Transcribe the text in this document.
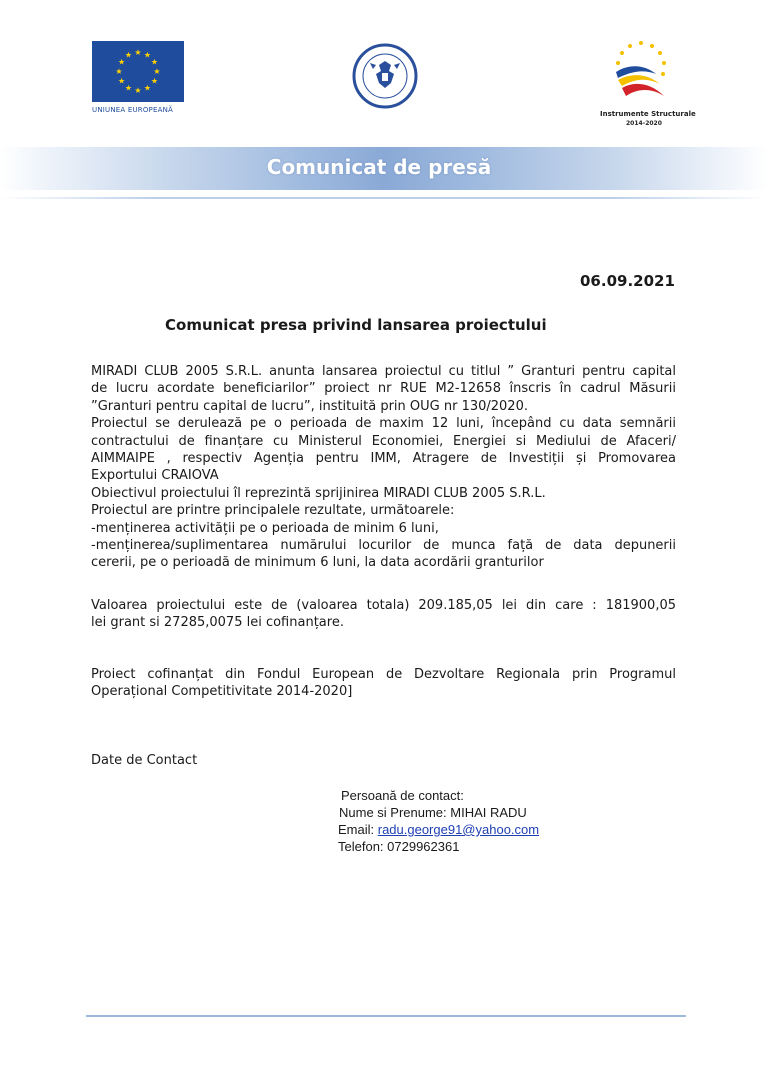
★ ★
★
★
★
★
★
★
★
★
★
★
UNIUNEA EUROPEANĂ	Instrumente Structurale
2014-2020
Comunicat de presă
06.09.2021
Comunicat presa privind lansarea proiectului
MIRADI CLUB 2005 S.R.L. anunta lansarea proiectul cu titlul ” Granturi pentru capital
de lucru acordate beneficiarilor” proiect nr RUE M2-12658 înscris în cadrul Măsurii
”Granturi pentru capital de lucru”, instituită prin OUG nr 130/2020.
Proiectul se derulează pe o perioada de maxim 12 luni, începând cu data semnării
contractului de finanțare cu Ministerul Economiei, Energiei si Mediului de Afaceri/
AIMMAIPE , respectiv Agenția pentru IMM, Atragere de Investiții și Promovarea
Exportului CRAIOVA
Obiectivul proiectului îl reprezintă sprijinirea MIRADI CLUB 2005 S.R.L.
Proiectul are printre principalele rezultate, următoarele:
-menținerea activității pe o perioada de minim 6 luni,
-menținerea/suplimentarea numărului locurilor de munca față de data depunerii
cererii, pe o perioadă de minimum 6 luni, la data acordării granturilor
Valoarea proiectului este de (valoarea totala) 209.185,05 lei din care : 181900,05
lei grant si 27285,0075 lei cofinanțare.
Proiect cofinanțat din Fondul European de Dezvoltare Regionala prin Programul
Operațional Competitivitate 2014-2020]
Date de Contact
Persoană de contact:
Nume si Prenume: MIHAI RADU
Email: radu.george91@yahoo.com
Telefon: 0729962361
